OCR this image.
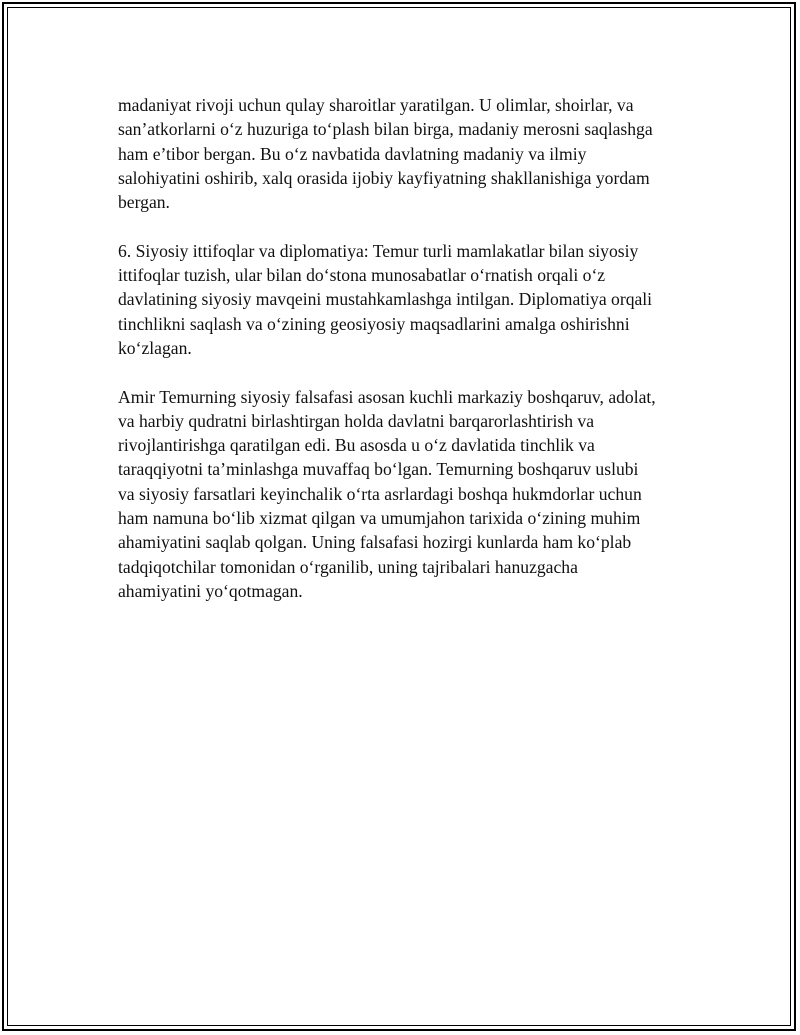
madaniyat rivoji uchun qulay sharoitlar yaratilgan. U olimlar, shoirlar, va
san’atkorlarni o‘z huzuriga to‘plash bilan birga, madaniy merosni saqlashga
ham e’tibor bergan. Bu o‘z navbatida davlatning madaniy va ilmiy
salohiyatini oshirib, xalq orasida ijobiy kayfiyatning shakllanishiga yordam
bergan.

6. Siyosiy ittifoqlar va diplomatiya: Temur turli mamlakatlar bilan siyosiy
ittifoqlar tuzish, ular bilan do‘stona munosabatlar o‘rnatish orqali o‘z
davlatining siyosiy mavqeini mustahkamlashga intilgan. Diplomatiya orqali
tinchlikni saqlash va o‘zining geosiyosiy maqsadlarini amalga oshirishni
ko‘zlagan.

Amir Temurning siyosiy falsafasi asosan kuchli markaziy boshqaruv, adolat,
va harbiy qudratni birlashtirgan holda davlatni barqarorlashtirish va
rivojlantirishga qaratilgan edi. Bu asosda u o‘z davlatida tinchlik va
taraqqiyotni ta’minlashga muvaffaq bo‘lgan. Temurning boshqaruv uslubi
va siyosiy farsatlari keyinchalik o‘rta asrlardagi boshqa hukmdorlar uchun
ham namuna bo‘lib xizmat qilgan va umumjahon tarixida o‘zining muhim
ahamiyatini saqlab qolgan. Uning falsafasi hozirgi kunlarda ham ko‘plab
tadqiqotchilar tomonidan o‘rganilib, uning tajribalari hanuzgacha
ahamiyatini yo‘qotmagan.
